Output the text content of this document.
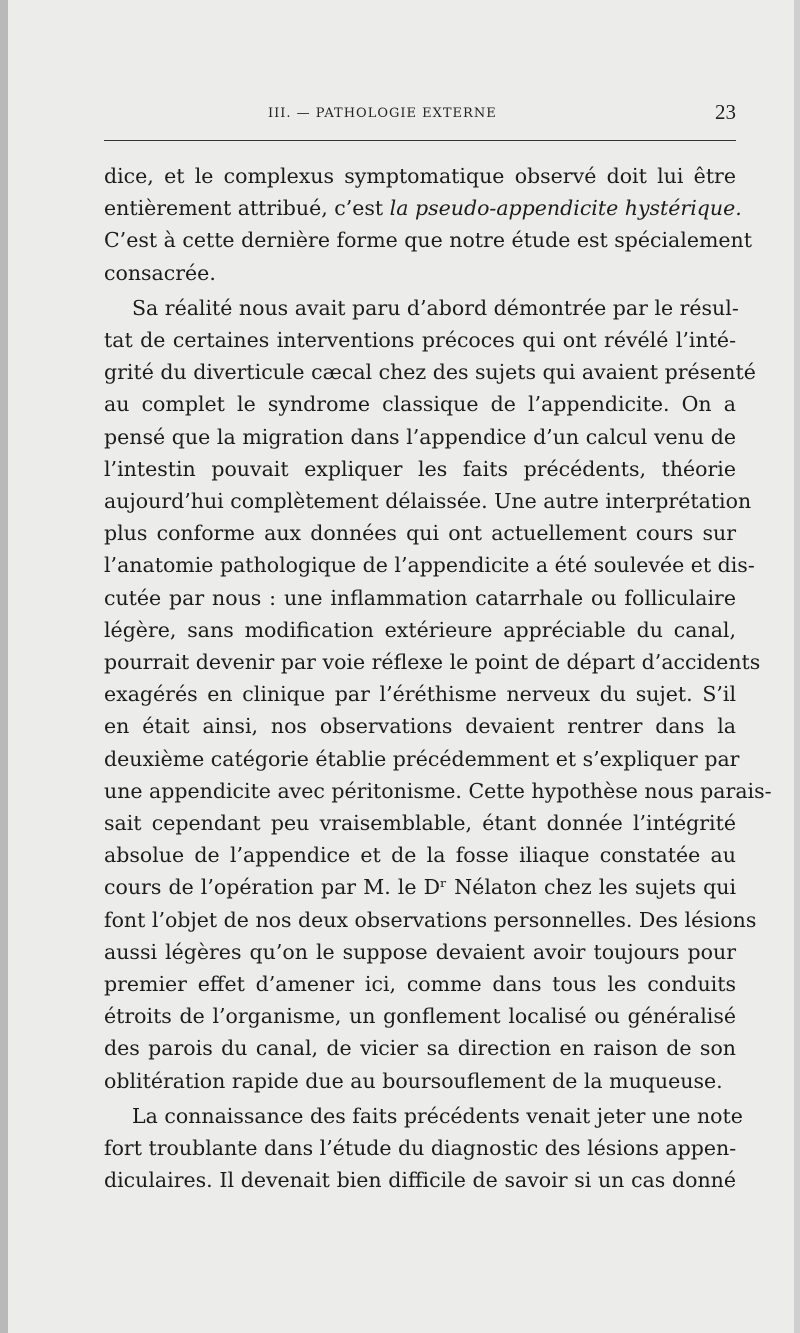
III. — PATHOLOGIE EXTERNE	23
dice, et le complexus symptomatique observé doit lui être
entièrement attribué, c’est la pseudo-appendicite hystérique.
C’est à cette dernière forme que notre étude est spécialement
consacrée.
Sa réalité nous avait paru d’abord démontrée par le résul-
tat de certaines interventions précoces qui ont révélé l’inté-
grité du diverticule cæcal chez des sujets qui avaient présenté
au complet le syndrome classique de l’appendicite. On a
pensé que la migration dans l’appendice d’un calcul venu de
l’intestin pouvait expliquer les faits précédents, théorie
aujourd’hui complètement délaissée. Une autre interprétation
plus conforme aux données qui ont actuellement cours sur
l’anatomie pathologique de l’appendicite a été soulevée et dis-
cutée par nous : une inflammation catarrhale ou folliculaire
légère, sans modification extérieure appréciable du canal,
pourrait devenir par voie réflexe le point de départ d’accidents
exagérés en clinique par l’éréthisme nerveux du sujet. S’il
en était ainsi, nos observations devaient rentrer dans la
deuxième catégorie établie précédemment et s’expliquer par
une appendicite avec péritonisme. Cette hypothèse nous parais-
sait cependant peu vraisemblable, étant donnée l’intégrité
absolue de l’appendice et de la fosse iliaque constatée au
cours de l’opération par M. le Dʳ Nélaton chez les sujets qui
font l’objet de nos deux observations personnelles. Des lésions
aussi légères qu’on le suppose devaient avoir toujours pour
premier effet d’amener ici, comme dans tous les conduits
étroits de l’organisme, un gonflement localisé ou généralisé
des parois du canal, de vicier sa direction en raison de son
oblitération rapide due au boursouflement de la muqueuse.
La connaissance des faits précédents venait jeter une note
fort troublante dans l’étude du diagnostic des lésions appen-
diculaires. Il devenait bien difficile de savoir si un cas donné
